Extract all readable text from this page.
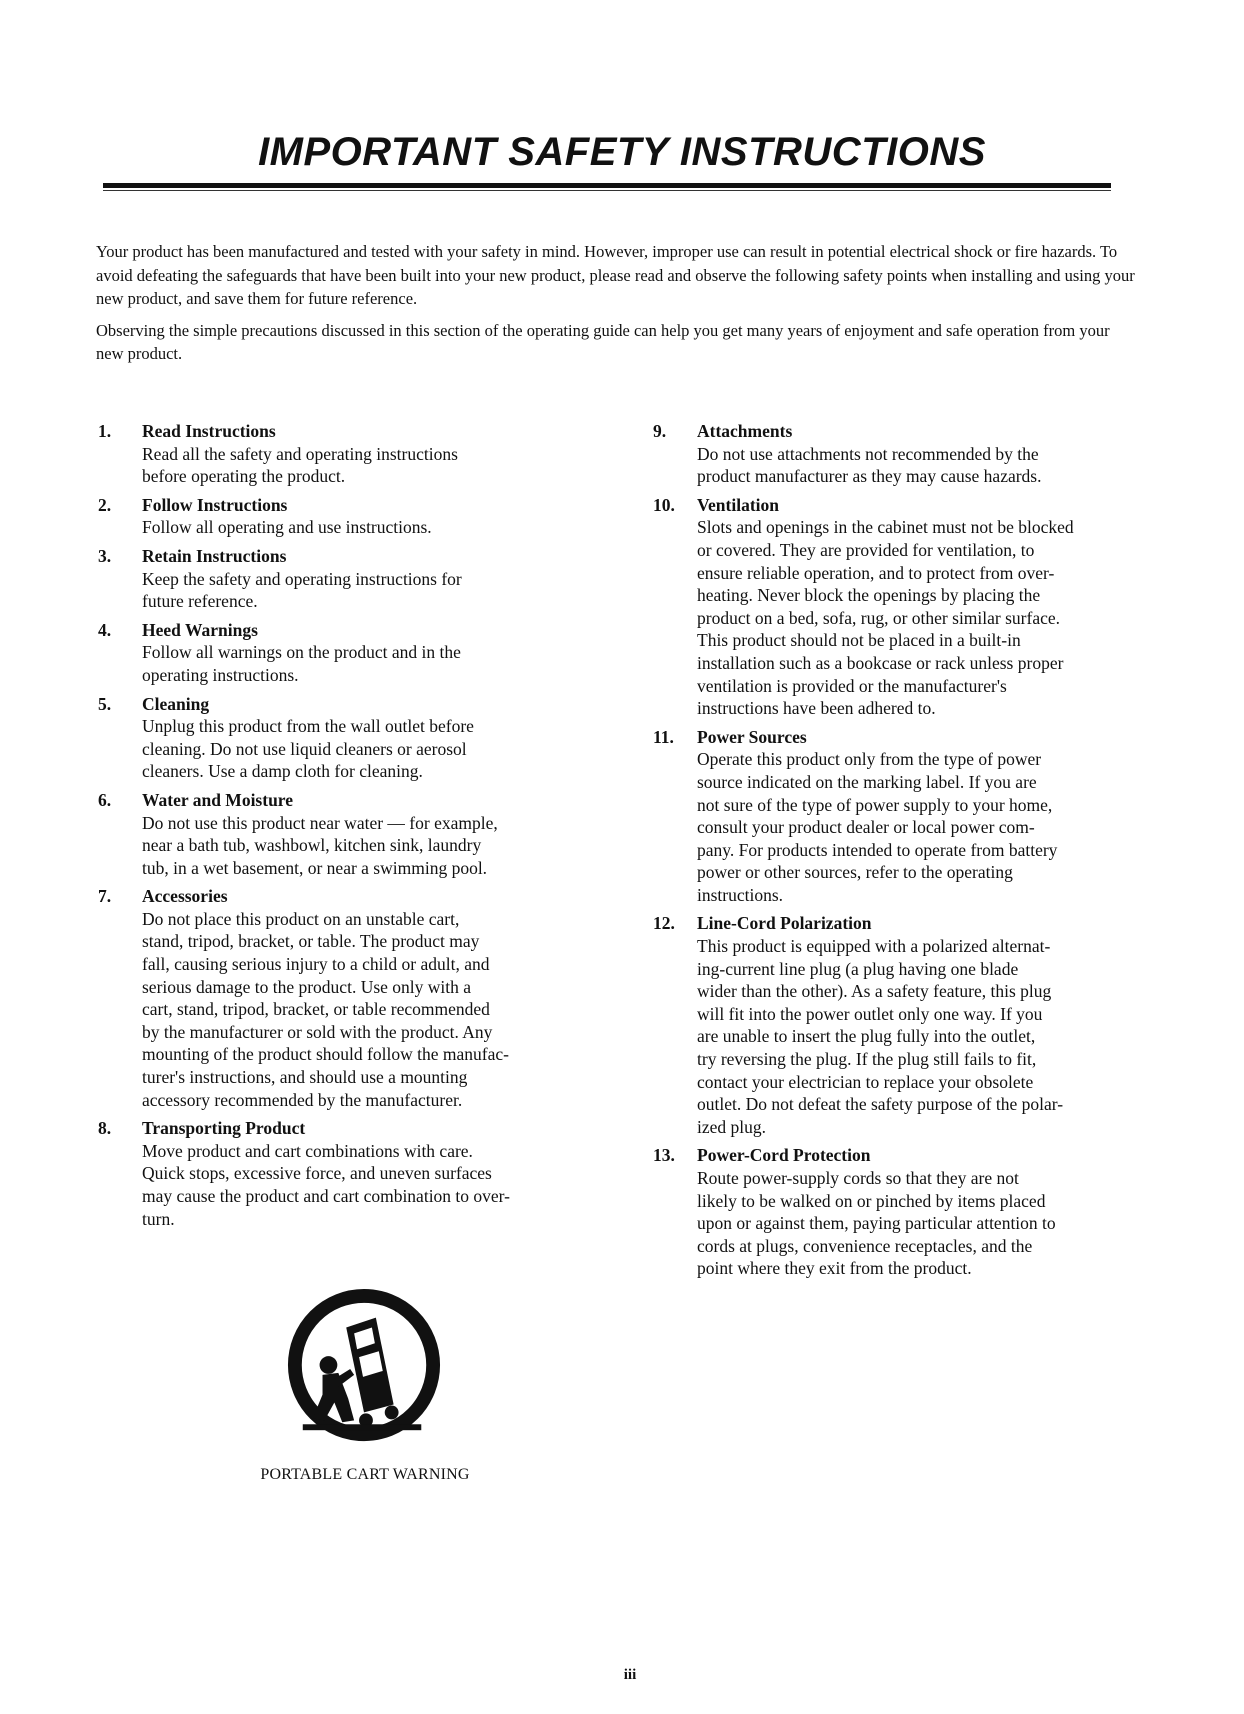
IMPORTANT SAFETY INSTRUCTIONS

Your product has been manufactured and tested with your safety in mind. However, improper use can result in potential electrical shock or fire hazards. To avoid defeating the safeguards that have been built into your new product, please read and observe the following safety points when installing and using your new product, and save them for future reference.

Observing the simple precautions discussed in this section of the operating guide can help you get many years of enjoyment and safe operation from your new product.

1. Read Instructions
Read all the safety and operating instructions
before operating the product.
2. Follow Instructions
Follow all operating and use instructions.
3. Retain Instructions
Keep the safety and operating instructions for
future reference.
4. Heed Warnings
Follow all warnings on the product and in the
operating instructions.
5. Cleaning
Unplug this product from the wall outlet before
cleaning. Do not use liquid cleaners or aerosol
cleaners. Use a damp cloth for cleaning.
6. Water and Moisture
Do not use this product near water — for example,
near a bath tub, washbowl, kitchen sink, laundry
tub, in a wet basement, or near a swimming pool.
7. Accessories
Do not place this product on an unstable cart,
stand, tripod, bracket, or table. The product may
fall, causing serious injury to a child or adult, and
serious damage to the product. Use only with a
cart, stand, tripod, bracket, or table recommended
by the manufacturer or sold with the product. Any
mounting of the product should follow the manufac-
turer's instructions, and should use a mounting
accessory recommended by the manufacturer.
8. Transporting Product
Move product and cart combinations with care.
Quick stops, excessive force, and uneven surfaces
may cause the product and cart combination to over-
turn.
9. Attachments
Do not use attachments not recommended by the
product manufacturer as they may cause hazards.
10. Ventilation
Slots and openings in the cabinet must not be blocked
or covered. They are provided for ventilation, to
ensure reliable operation, and to protect from over-
heating. Never block the openings by placing the
product on a bed, sofa, rug, or other similar surface.
This product should not be placed in a built-in
installation such as a bookcase or rack unless proper
ventilation is provided or the manufacturer's
instructions have been adhered to.
11. Power Sources
Operate this product only from the type of power
source indicated on the marking label. If you are
not sure of the type of power supply to your home,
consult your product dealer or local power com-
pany. For products intended to operate from battery
power or other sources, refer to the operating
instructions.
12. Line-Cord Polarization
This product is equipped with a polarized alternat-
ing-current line plug (a plug having one blade
wider than the other). As a safety feature, this plug
will fit into the power outlet only one way. If you
are unable to insert the plug fully into the outlet,
try reversing the plug. If the plug still fails to fit,
contact your electrician to replace your obsolete
outlet. Do not defeat the safety purpose of the polar-
ized plug.
13. Power-Cord Protection
Route power-supply cords so that they are not
likely to be walked on or pinched by items placed
upon or against them, paying particular attention to
cords at plugs, convenience receptacles, and the
point where they exit from the product.
PORTABLE CART WARNING
iii
